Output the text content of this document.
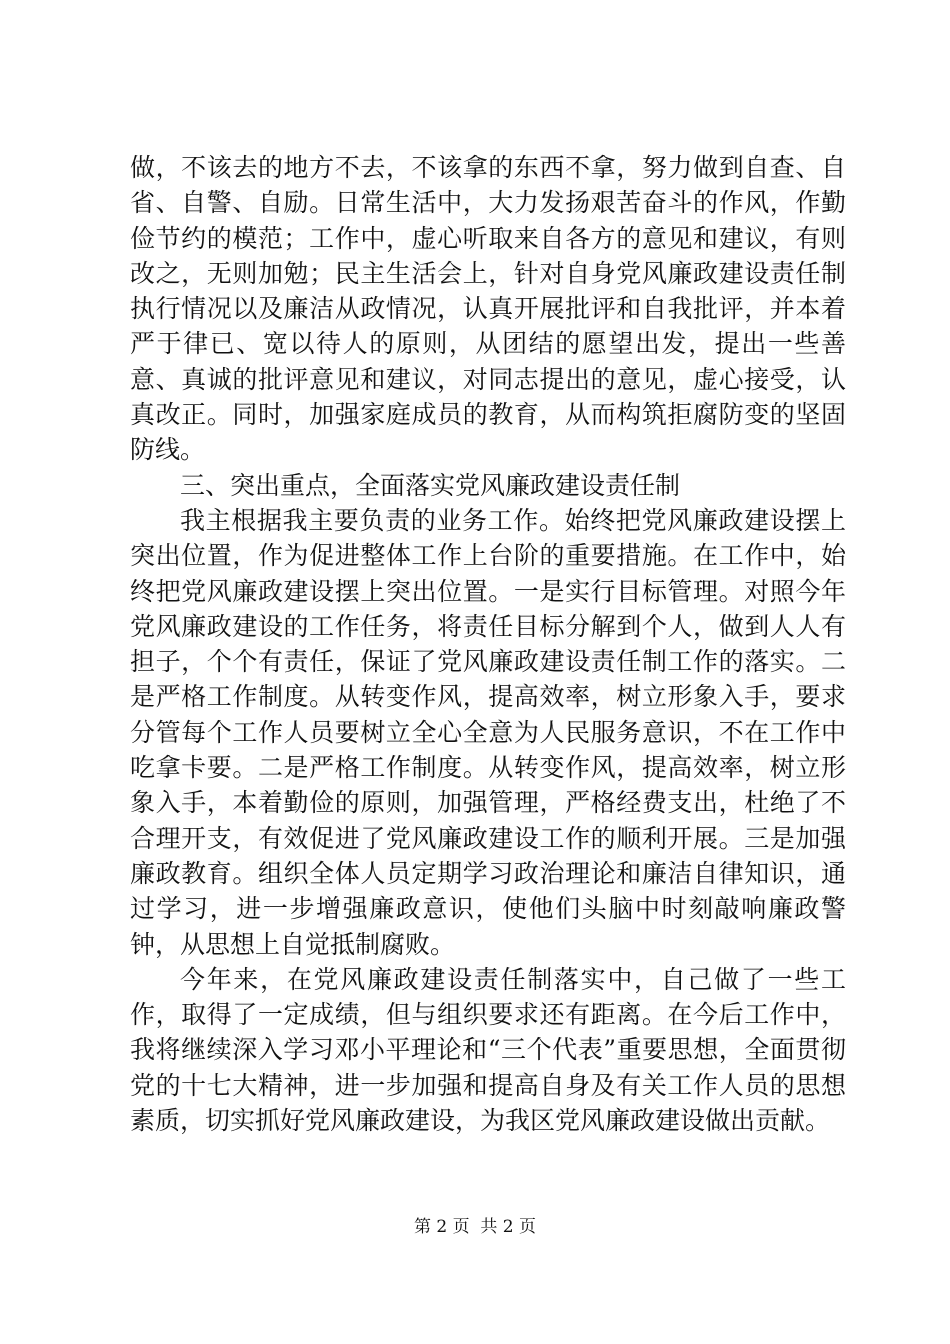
做，不该去的地方不去，不该拿的东西不拿，努力做到自查、自省、自警、自励。日常生活中，大力发扬艰苦奋斗的作风，作勤俭节约的模范；工作中，虚心听取来自各方的意见和建议，有则改之，无则加勉；民主生活会上，针对自身党风廉政建设责任制执行情况以及廉洁从政情况，认真开展批评和自我批评，并本着严于律已、宽以待人的原则，从团结的愿望出发，提出一些善意、真诚的批评意见和建议，对同志提出的意见，虚心接受，认真改正。同时，加强家庭成员的教育，从而构筑拒腐防变的坚固防线。

三、突出重点，全面落实党风廉政建设责任制

我主根据我主要负责的业务工作。始终把党风廉政建设摆上突出位置，作为促进整体工作上台阶的重要措施。在工作中，始终把党风廉政建设摆上突出位置。一是实行目标管理。对照今年党风廉政建设的工作任务，将责任目标分解到个人，做到人人有担子，个个有责任，保证了党风廉政建设责任制工作的落实。二是严格工作制度。从转变作风，提高效率，树立形象入手，要求分管每个工作人员要树立全心全意为人民服务意识，不在工作中吃拿卡要。二是严格工作制度。从转变作风，提高效率，树立形象入手，本着勤俭的原则，加强管理，严格经费支出，杜绝了不合理开支，有效促进了党风廉政建设工作的顺利开展。三是加强廉政教育。组织全体人员定期学习政治理论和廉洁自律知识，通过学习，进一步增强廉政意识，使他们头脑中时刻敲响廉政警钟，从思想上自觉抵制腐败。

今年来，在党风廉政建设责任制落实中，自己做了一些工作，取得了一定成绩，但与组织要求还有距离。在今后工作中，我将继续深入学习邓小平理论和“三个代表”重要思想，全面贯彻党的十七大精神，进一步加强和提高自身及有关工作人员的思想素质，切实抓好党风廉政建设，为我区党风廉政建设做出贡献。

第 2 页  共 2 页
